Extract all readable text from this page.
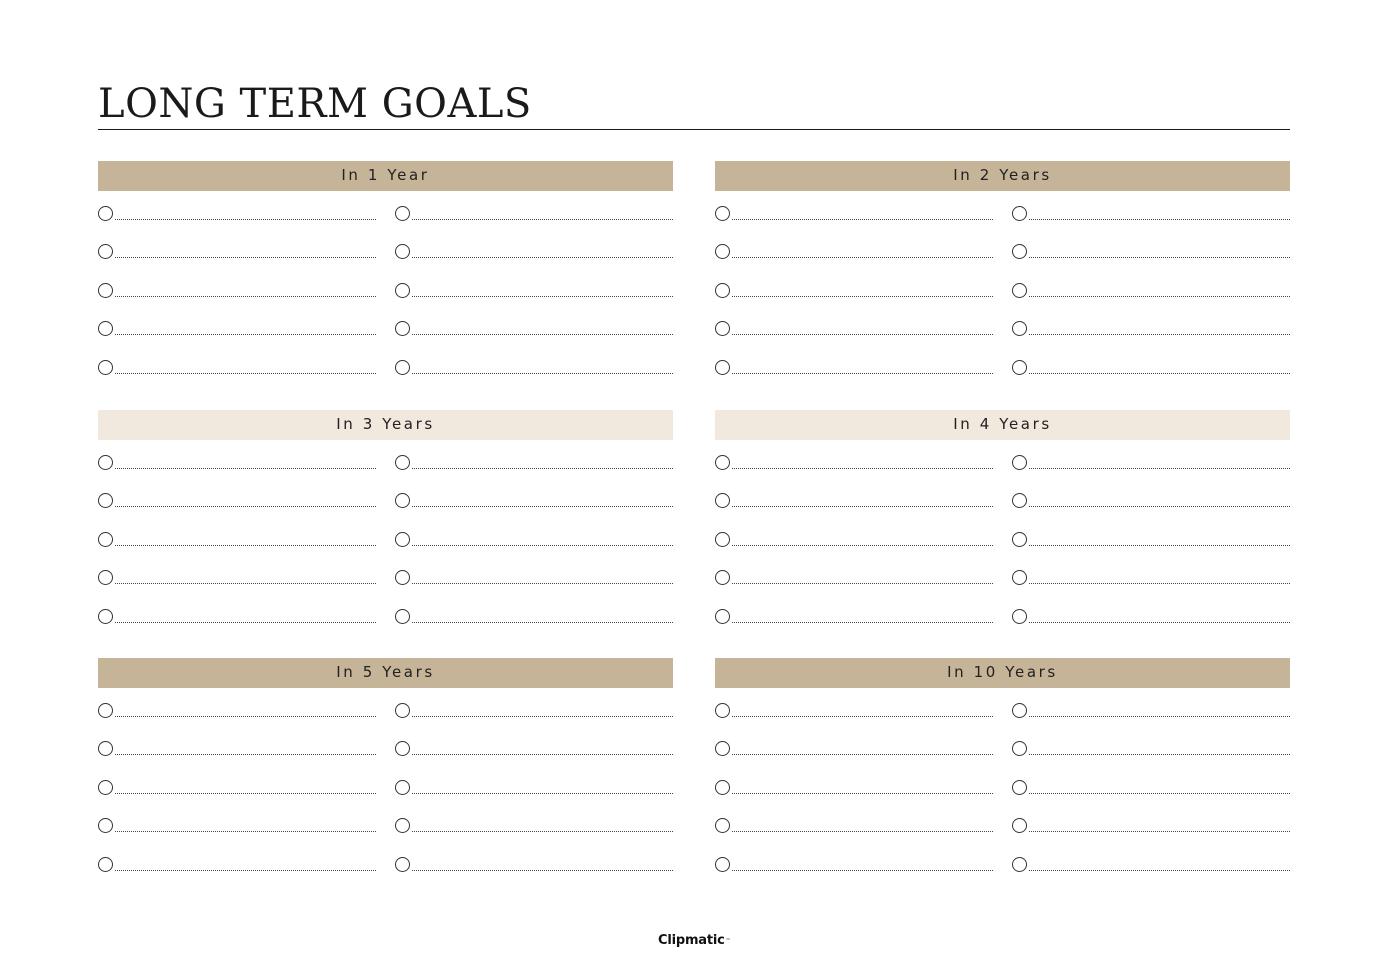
LONG TERM GOALS
In 1 Year	In 2 Years
In 3 Years	In 4 Years
In 5 Years	In 10 Years
Clipmatic™
